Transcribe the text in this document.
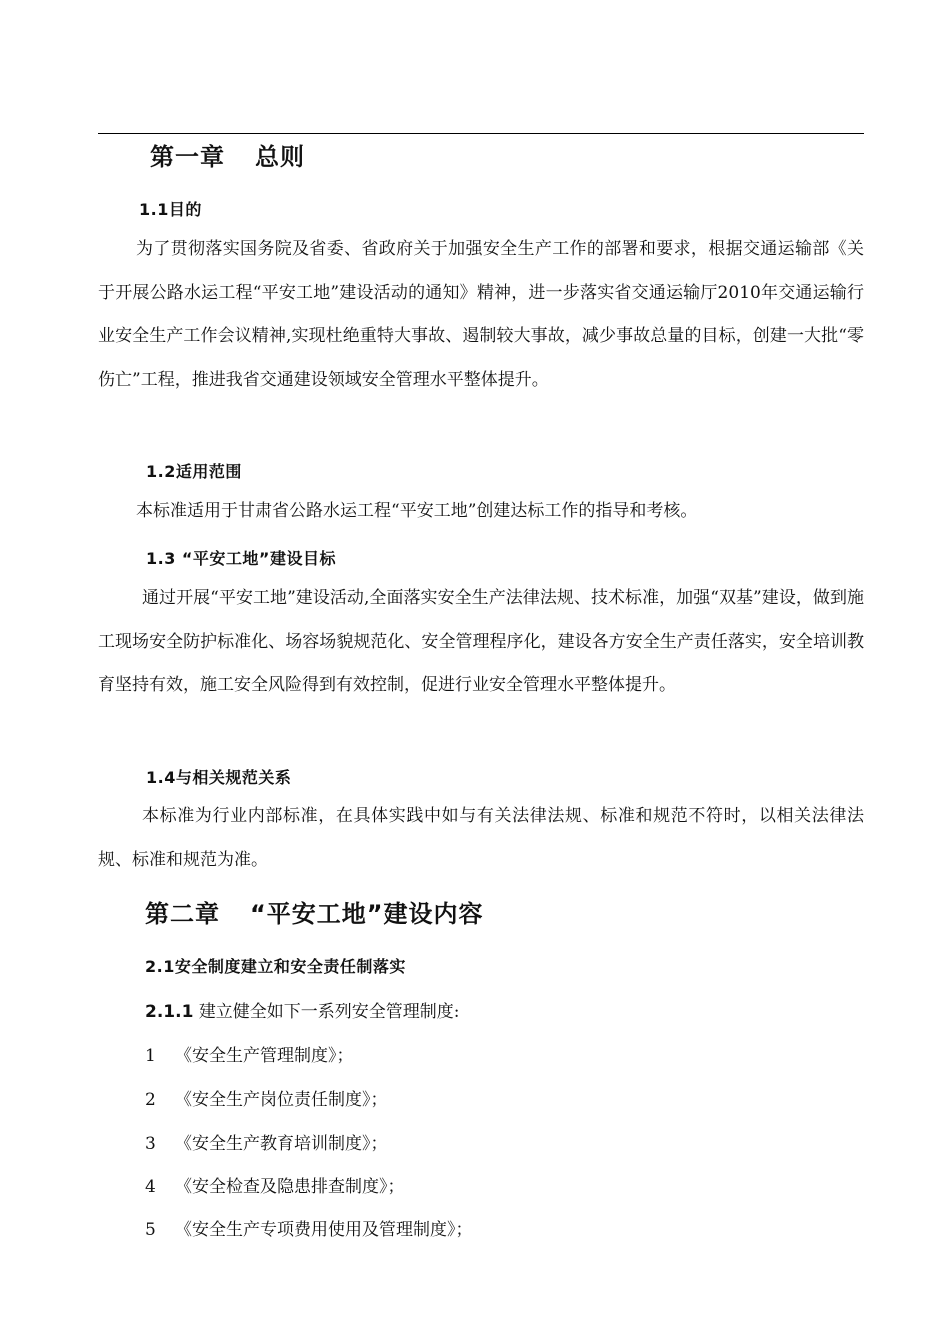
第一章 总则
1.1目的
为了贯彻落实国务院及省委、省政府关于加强安全生产工作的部署和要求，根据交通运输部《关于开展公路水运工程“平安工地”建设活动的通知》精神，进一步落实省交通运输厅2010年交通运输行业安全生产工作会议精神,实现杜绝重特大事故、遏制较大事故，减少事故总量的目标，创建一大批“零伤亡”工程，推进我省交通建设领域安全管理水平整体提升。
1.2适用范围
本标准适用于甘肃省公路水运工程“平安工地”创建达标工作的指导和考核。
1.3 “平安工地”建设目标
通过开展“平安工地”建设活动,全面落实安全生产法律法规、技术标准，加强“双基”建设，做到施工现场安全防护标准化、场容场貌规范化、安全管理程序化，建设各方安全生产责任落实，安全培训教育坚持有效，施工安全风险得到有效控制，促进行业安全管理水平整体提升。
1.4与相关规范关系
本标准为行业内部标准，在具体实践中如与有关法律法规、标准和规范不符时，以相关法律法规、标准和规范为准。
第二章 “平安工地”建设内容
2.1安全制度建立和安全责任制落实
2.1.1 建立健全如下一系列安全管理制度:
1 《安全生产管理制度》；
2 《安全生产岗位责任制度》；
3 《安全生产教育培训制度》；
4 《安全检查及隐患排查制度》；
5 《安全生产专项费用使用及管理制度》；
